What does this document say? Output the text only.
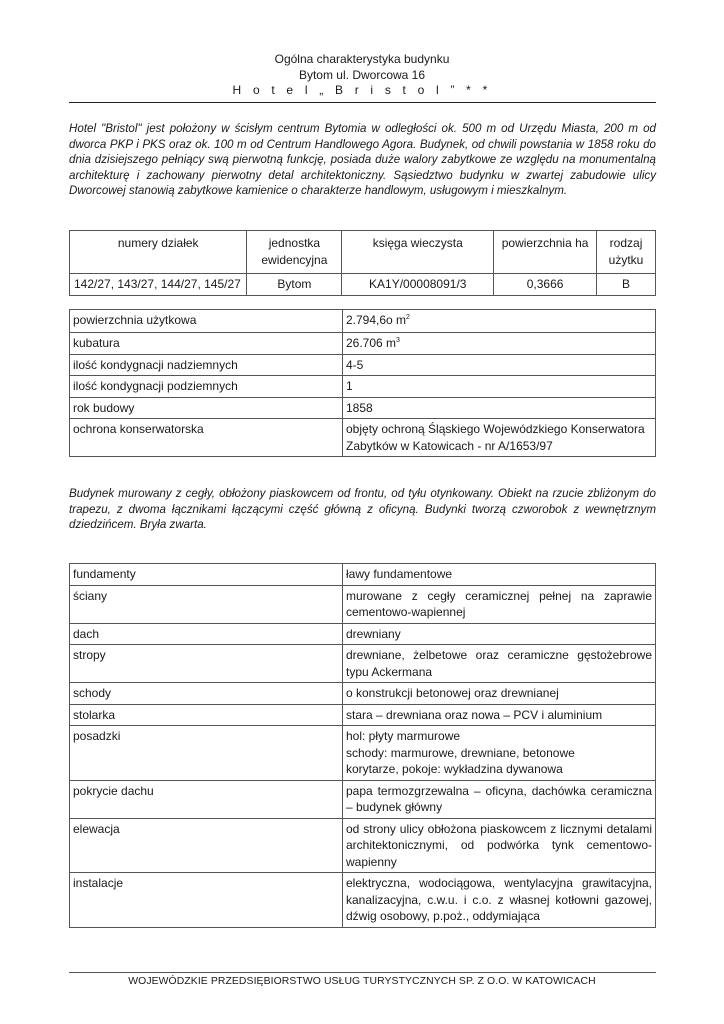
Ogólna charakterystyka budynku
Bytom ul. Dworcowa 16
H o t e l „ B r i s t o l ” * *

Hotel "Bristol" jest położony w ścisłym centrum Bytomia w odległości ok. 500 m od Urzędu Miasta, 200 m od dworca PKP i PKS oraz ok. 100 m od Centrum Handlowego Agora. Budynek, od chwili powstania w 1858 roku do dnia dzisiejszego pełniący swą pierwotną funkcję, posiada duże walory zabytkowe ze względu na monumentalną architekturę i zachowany pierwotny detal architektoniczny. Sąsiedztwo budynku w zwartej zabudowie ulicy Dworcowej stanowią zabytkowe kamienice o charakterze handlowym, usługowym i mieszkalnym.

numery działek	jednostka ewidencyjna	księga wieczysta	powierzchnia ha	rodzaj użytku
142/27, 143/27, 144/27, 145/27	Bytom	KA1Y/00008091/3	0,3666	B
powierzchnia użytkowa	2.794,6o $m^2$
kubatura	26.706 $m^3$
ilość kondygnacji nadziemnych	4-5
ilość kondygnacji podziemnych	1
rok budowy	1858
ochrona konserwatorska	objęty ochroną Śląskiego Wojewódzkiego Konserwatora Zabytków w Katowicach - nr A/1653/97

Budynek murowany z cegły, obłożony piaskowcem od frontu, od tyłu otynkowany. Obiekt na rzucie zbliżonym do trapezu, z dwoma łącznikami łączącymi część główną z oficyną. Budynki tworzą czworobok z wewnętrznym dziedzińcem. Bryła zwarta.

fundamenty	ławy fundamentowe
ściany	murowane z cegły ceramicznej pełnej na zaprawie cementowo-wapiennej
dach	drewniany
stropy	drewniane, żelbetowe oraz ceramiczne gęstożebrowe typu Ackermana
schody	o konstrukcji betonowej oraz drewnianej
stolarka	stara – drewniana oraz nowa – PCV i aluminium
posadzki	hol: płyty marmurowe
schody: marmurowe, drewniane, betonowe
korytarze, pokoje: wykładzina dywanowa

pokrycie dachu	papa termozgrzewalna – oficyna, dachówka ceramiczna – budynek główny
elewacja	od strony ulicy obłożona piaskowcem z licznymi detalami architektonicznymi, od podwórka tynk cementowo-wapienny
instalacje	elektryczna, wodociągowa, wentylacyjna grawitacyjna, kanalizacyjna, c.w.u. i c.o. z własnej kotłowni gazowej, dźwig osobowy, p.poż., oddymiająca
WOJEWÓDZKIE PRZEDSIĘBIORSTWO USŁUG TURYSTYCZNYCH SP. Z O.O. W KATOWICACH
